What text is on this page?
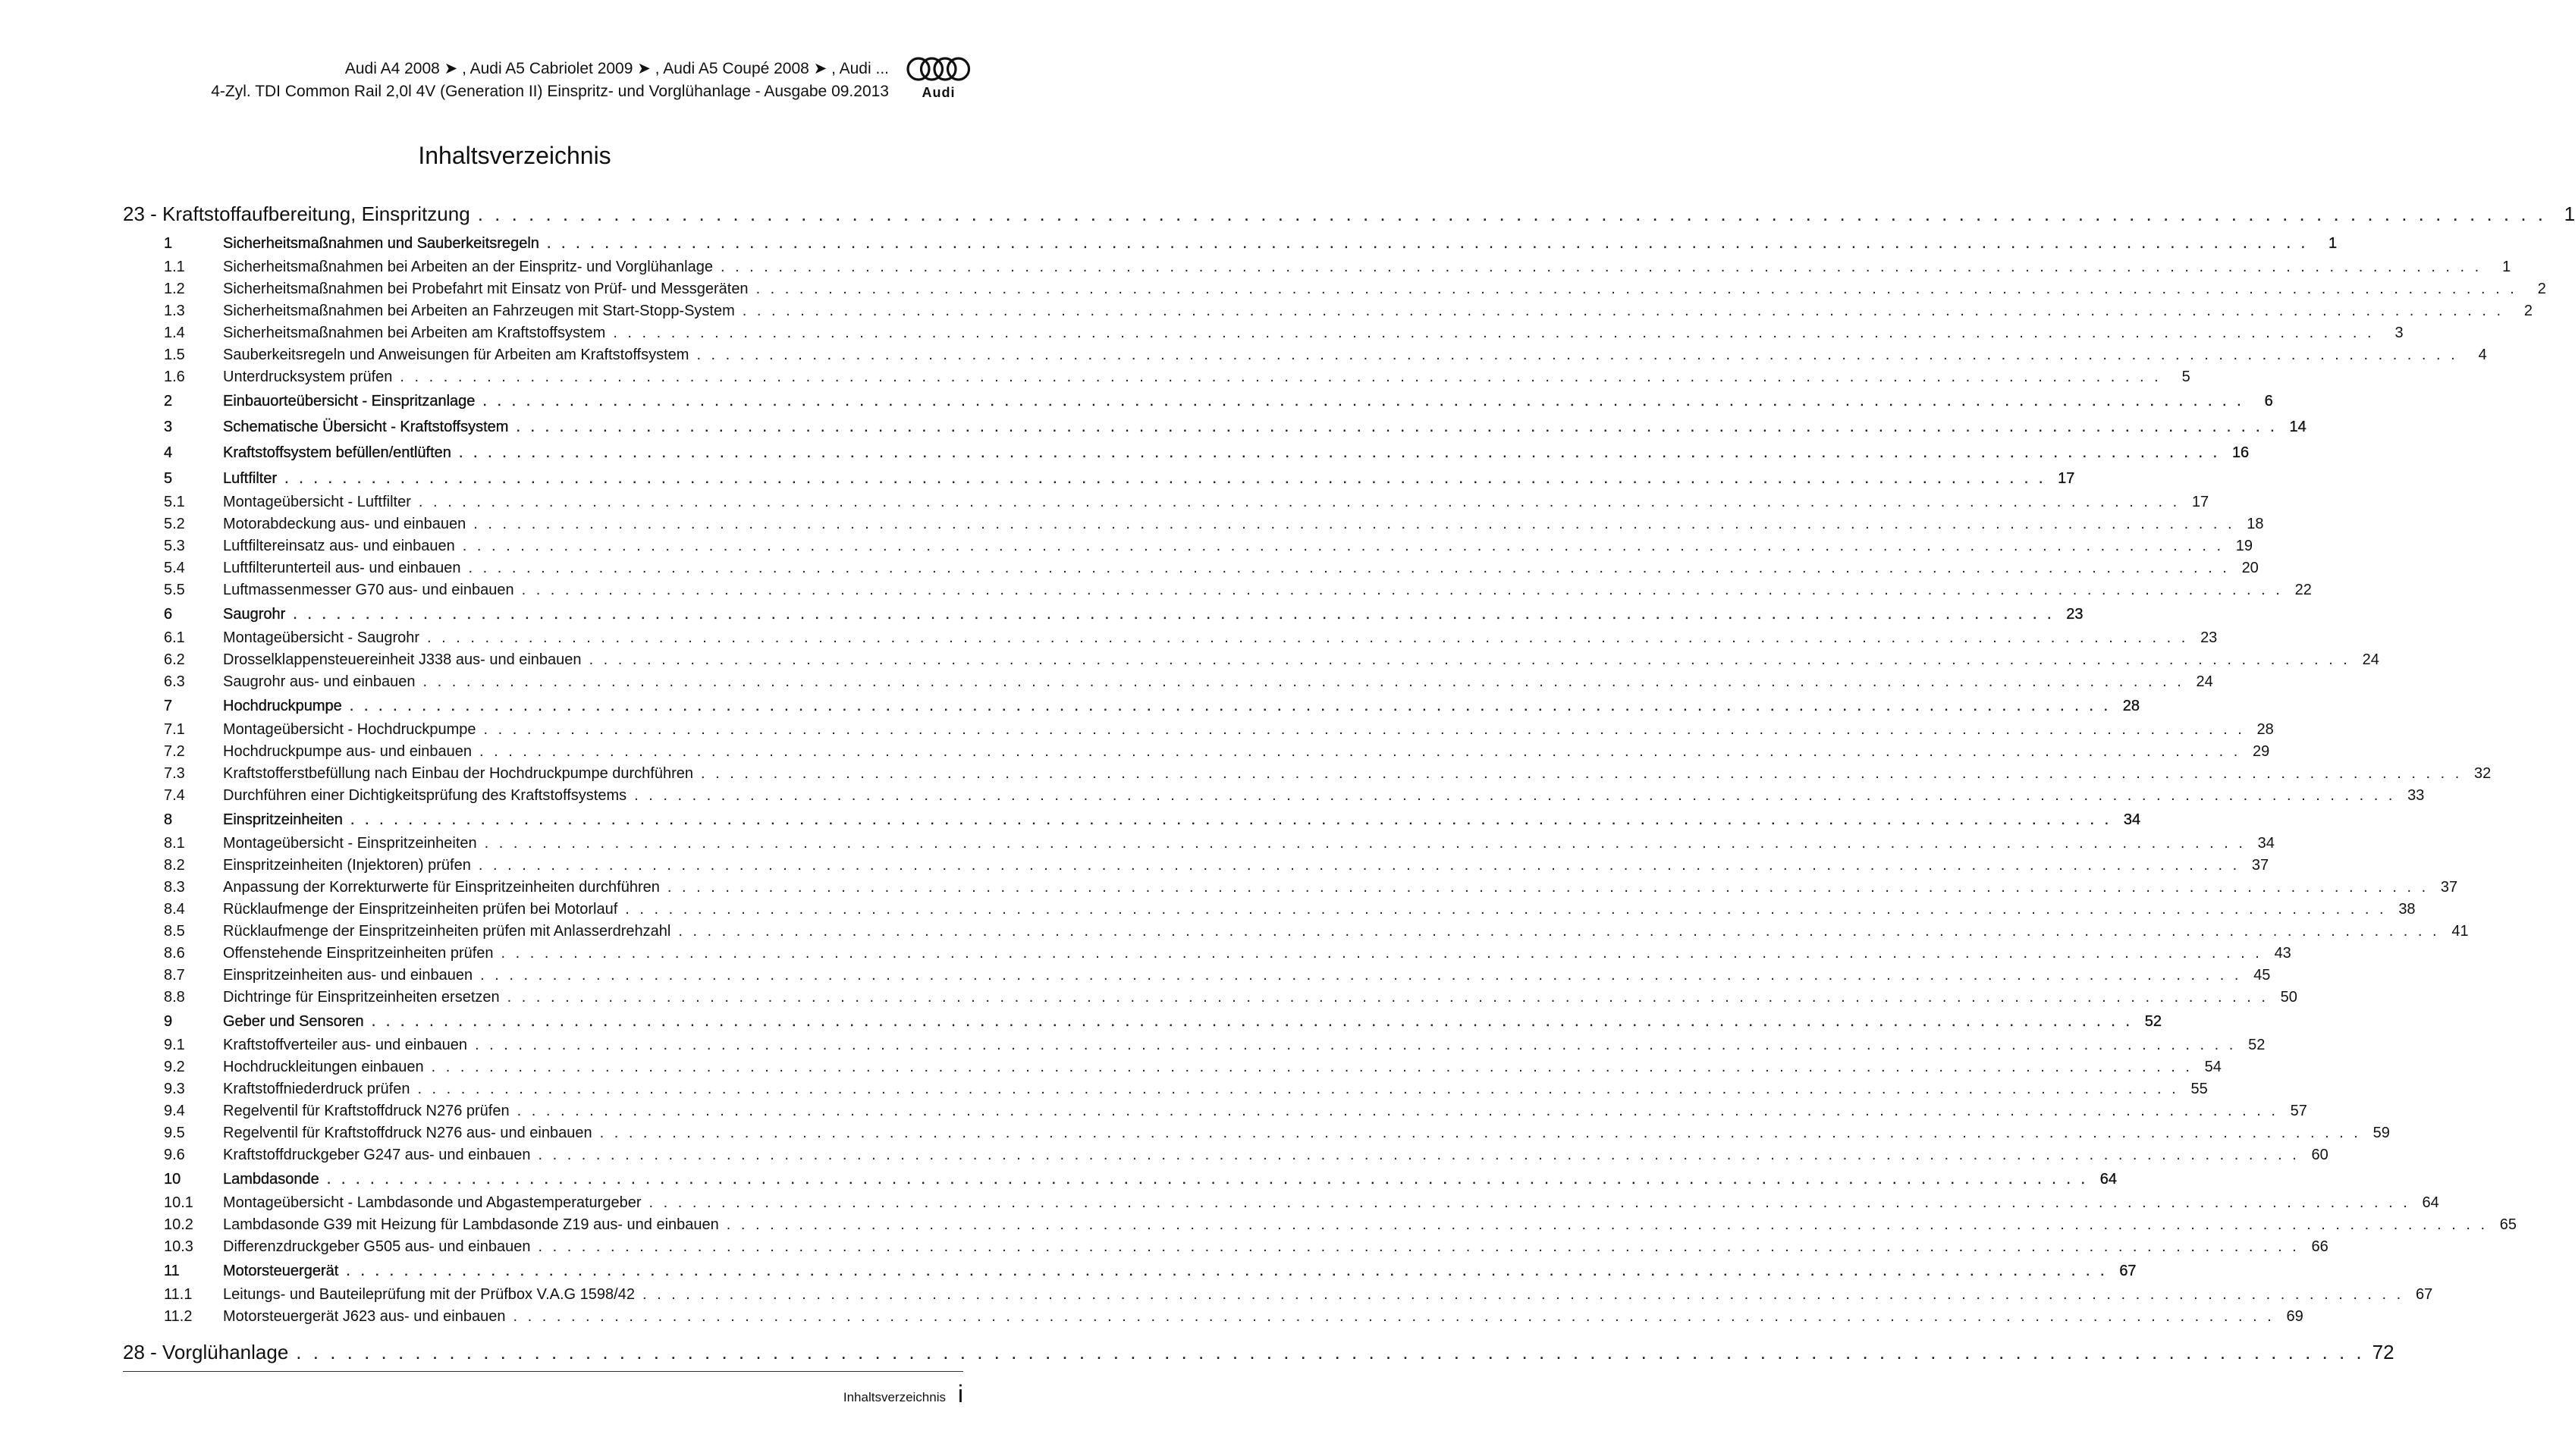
Audi A4 2008 ➤ , Audi A5 Cabriolet 2009 ➤ , Audi A5 Coupé 2008 ➤ , Audi ...
4-Zyl. TDI Common Rail 2,0l 4V (Generation II) Einspritz- und Vorglühanlage - Ausgabe 09.2013	Audi
Inhaltsverzeichnis
23 - Kraftstoffaufbereitung, Einspritzung . . .	1
1	Sicherheitsmaßnahmen und Sauberkeitsregeln . . .	1
1.1	Sicherheitsmaßnahmen bei Arbeiten an der Einspritz- und Vorglühanlage . . .	1
1.2	Sicherheitsmaßnahmen bei Probefahrt mit Einsatz von Prüf- und Messgeräten . . .	2
1.3	Sicherheitsmaßnahmen bei Arbeiten an Fahrzeugen mit Start-Stopp-System . . .	2
1.4	Sicherheitsmaßnahmen bei Arbeiten am Kraftstoffsystem . . .	3
1.5	Sauberkeitsregeln und Anweisungen für Arbeiten am Kraftstoffsystem . . .	4
1.6	Unterdrucksystem prüfen . . .	5
2	Einbauorteübersicht - Einspritzanlage . . .	6
3	Schematische Übersicht - Kraftstoffsystem . . .	14
4	Kraftstoffsystem befüllen/entlüften . . .	16
5	Luftfilter . . .	17
5.1	Montageübersicht - Luftfilter . . .	17
5.2	Motorabdeckung aus- und einbauen . . .	18
5.3	Luftfiltereinsatz aus- und einbauen . . .	19
5.4	Luftfilterunterteil aus- und einbauen . . .	20
5.5	Luftmassenmesser G70 aus- und einbauen . . .	22
6	Saugrohr . . .	23
6.1	Montageübersicht - Saugrohr . . .	23
6.2	Drosselklappensteuereinheit J338 aus- und einbauen . . .	24
6.3	Saugrohr aus- und einbauen . . .	24
7	Hochdruckpumpe . . .	28
7.1	Montageübersicht - Hochdruckpumpe . . .	28
7.2	Hochdruckpumpe aus- und einbauen . . .	29
7.3	Kraftstofferstbefüllung nach Einbau der Hochdruckpumpe durchführen . . .	32
7.4	Durchführen einer Dichtigkeitsprüfung des Kraftstoffsystems . . .	33
8	Einspritzeinheiten . . .	34
8.1	Montageübersicht - Einspritzeinheiten . . .	34
8.2	Einspritzeinheiten (Injektoren) prüfen . . .	37
8.3	Anpassung der Korrekturwerte für Einspritzeinheiten durchführen . . .	37
8.4	Rücklaufmenge der Einspritzeinheiten prüfen bei Motorlauf . . .	38
8.5	Rücklaufmenge der Einspritzeinheiten prüfen mit Anlasserdrehzahl . . .	41
8.6	Offenstehende Einspritzeinheiten prüfen . . .	43
8.7	Einspritzeinheiten aus- und einbauen . . .	45
8.8	Dichtringe für Einspritzeinheiten ersetzen . . .	50
9	Geber und Sensoren . . .	52
9.1	Kraftstoffverteiler aus- und einbauen . . .	52
9.2	Hochdruckleitungen einbauen . . .	54
9.3	Kraftstoffniederdruck prüfen . . .	55
9.4	Regelventil für Kraftstoffdruck N276 prüfen . . .	57
9.5	Regelventil für Kraftstoffdruck N276 aus- und einbauen . . .	59
9.6	Kraftstoffdruckgeber G247 aus- und einbauen . . .	60
10	Lambdasonde . . .	64
10.1	Montageübersicht - Lambdasonde und Abgastemperaturgeber . . .	64
10.2	Lambdasonde G39 mit Heizung für Lambdasonde Z19 aus- und einbauen . . .	65
10.3	Differenzdruckgeber G505 aus- und einbauen . . .	66
11	Motorsteuergerät . . .	67
11.1	Leitungs- und Bauteileprüfung mit der Prüfbox V.A.G 1598/42 . . .	67
11.2	Motorsteuergerät J623 aus- und einbauen . . .	69
28 - Vorglühanlage . . .	72
Inhaltsverzeichnis i
